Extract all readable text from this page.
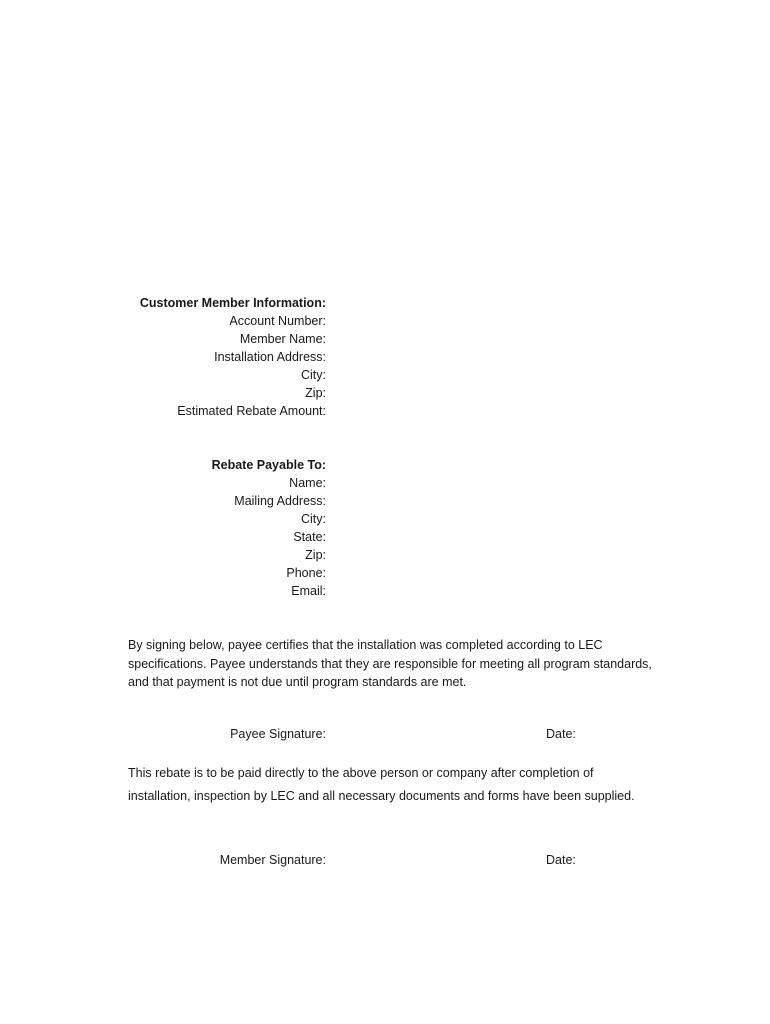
Customer Member Information:
Account Number:
Member Name:
Installation Address:
City:
Zip:
Estimated Rebate Amount:
Rebate Payable To:
Name:
Mailing Address:
City:
State:
Zip:
Phone:
Email:
By signing below, payee certifies that the installation was completed according to LEC
specifications. Payee understands that they are responsible for meeting all program standards,
and that payment is not due until program standards are met.
Payee Signature:	Date:
This rebate is to be paid directly to the above person or company after completion of
installation, inspection by LEC and all necessary documents and forms have been supplied.
Member Signature:	Date:
